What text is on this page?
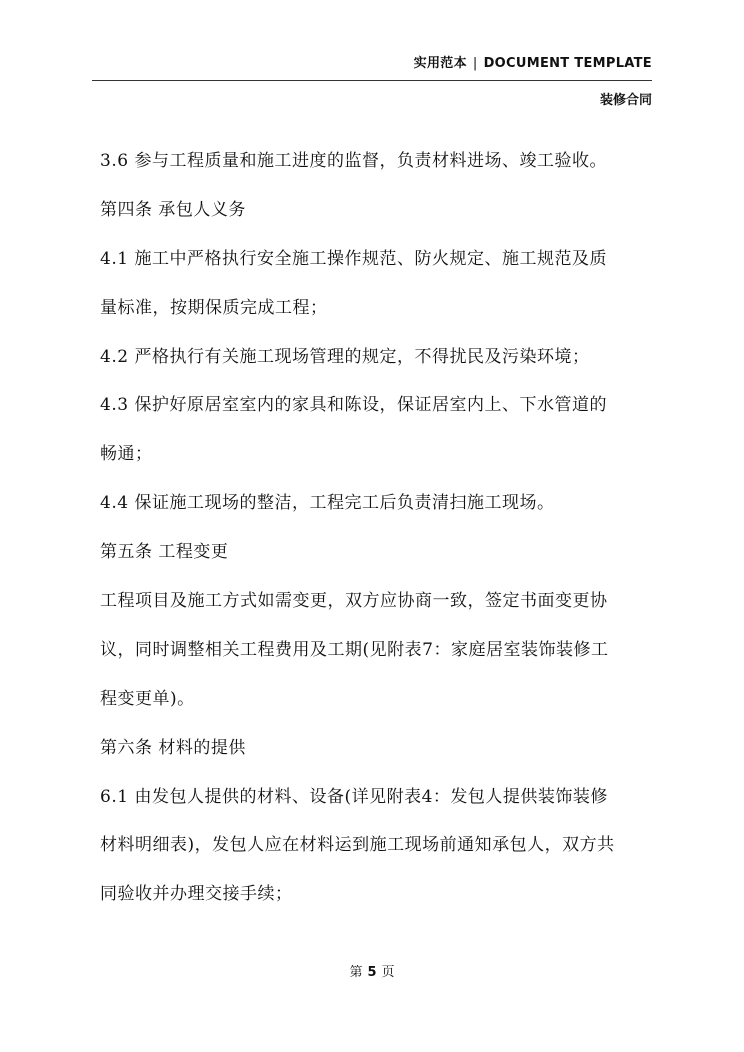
实用范本 | DOCUMENT TEMPLATE
装修合同
3.6 参与工程质量和施工进度的监督，负责材料进场、竣工验收。
第四条 承包人义务
4.1 施工中严格执行安全施工操作规范、防火规定、施工规范及质
量标准，按期保质完成工程；
4.2 严格执行有关施工现场管理的规定，不得扰民及污染环境；
4.3 保护好原居室室内的家具和陈设，保证居室内上、下水管道的
畅通；
4.4 保证施工现场的整洁，工程完工后负责清扫施工现场。
第五条 工程变更
工程项目及施工方式如需变更，双方应协商一致，签定书面变更协
议，同时调整相关工程费用及工期(见附表7：家庭居室装饰装修工
程变更单)。
第六条 材料的提供
6.1 由发包人提供的材料、设备(详见附表4：发包人提供装饰装修
材料明细表)，发包人应在材料运到施工现场前通知承包人，双方共
同验收并办理交接手续；
第 5 页
